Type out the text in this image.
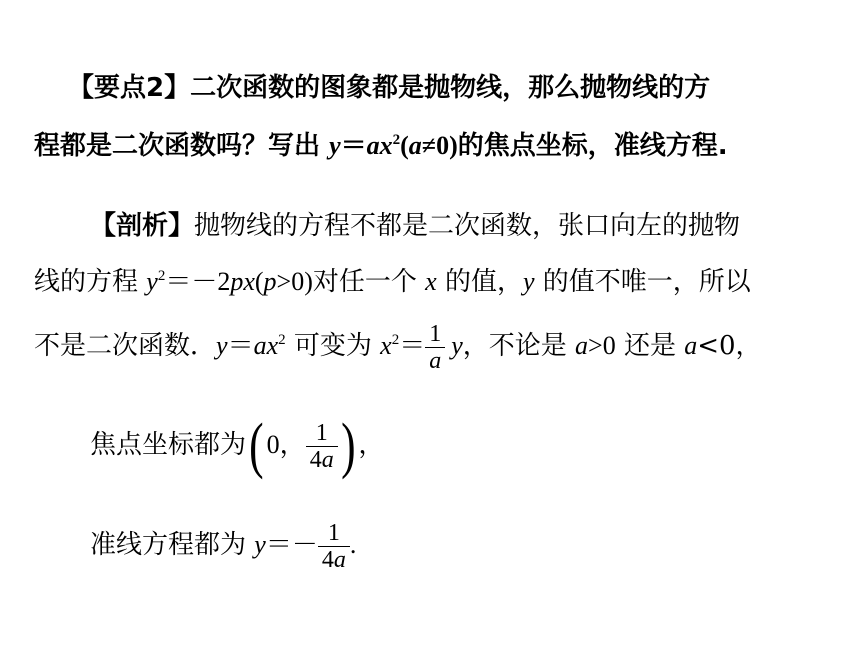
【要点2】二次函数的图象都是抛物线，那么抛物线的方
程都是二次函数吗？写出 $y=ax^2(a\ne 0)$的焦点坐标，准线方程.
【剖析】抛物线的方程不都是二次函数，张口向左的抛物
线的方程 $y^2=-2px(p>0)$对任一个 x 的值，y 的值不唯一，所以
不是二次函数．$y=ax^2$ 可变为 $x^2= \frac{1}{a}$ y，不论是 a>0 还是 a<0，
焦点坐标都为( 0， $\frac{1}{4a}$ ) ，
准线方程都为 $y=- \frac{1}{4a}$ .
